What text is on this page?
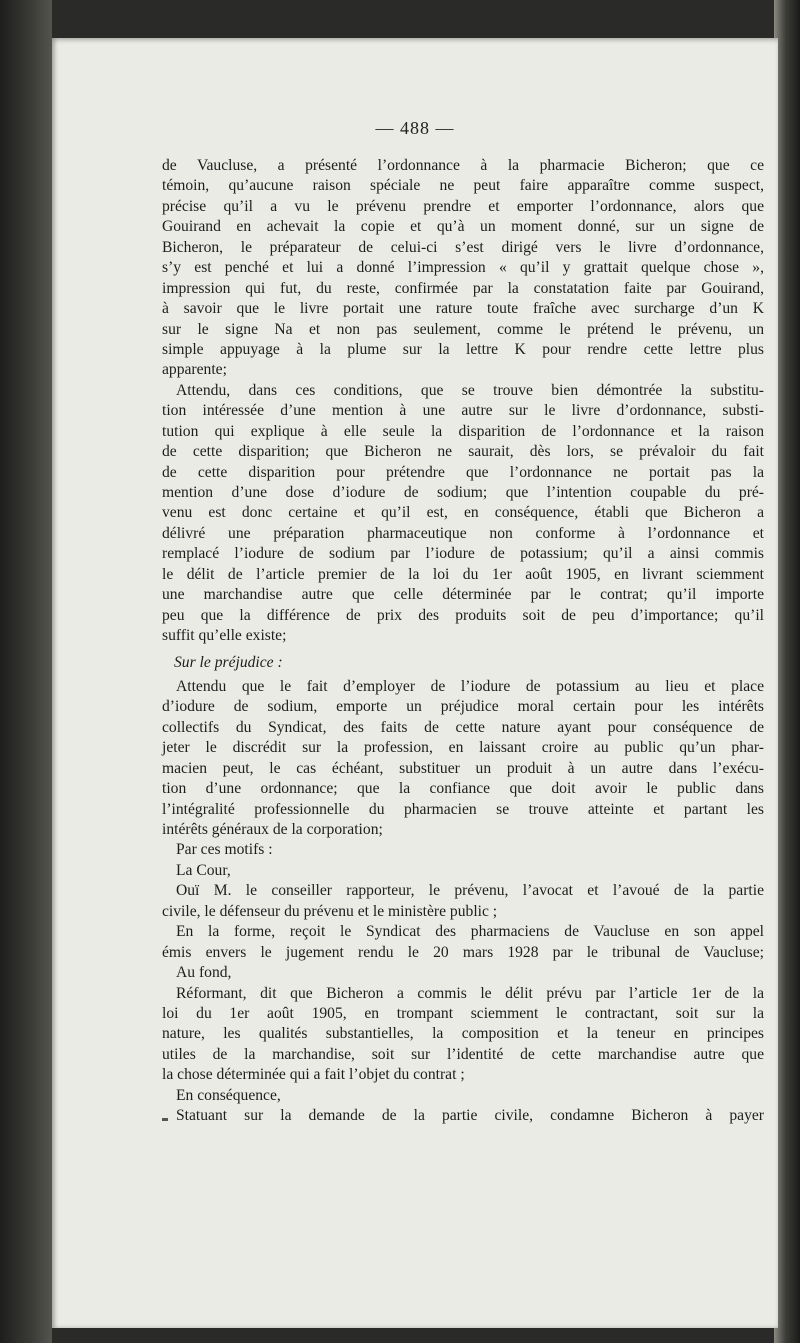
— 488 —
de Vaucluse, a présenté l’ordonnance à la pharmacie Bicheron; que ce
témoin, qu’aucune raison spéciale ne peut faire apparaître comme suspect,
précise qu’il a vu le prévenu prendre et emporter l’ordonnance, alors que
Gouirand en achevait la copie et qu’à un moment donné, sur un signe de
Bicheron, le préparateur de celui-ci s’est dirigé vers le livre d’ordonnance,
s’y est penché et lui a donné l’impression « qu’il y grattait quelque chose »,
impression qui fut, du reste, confirmée par la constatation faite par Gouirand,
à savoir que le livre portait une rature toute fraîche avec surcharge d’un K
sur le signe Na et non pas seulement, comme le prétend le prévenu, un
simple appuyage à la plume sur la lettre K pour rendre cette lettre plus
apparente;
Attendu, dans ces conditions, que se trouve bien démontrée la substitu-
tion intéressée d’une mention à une autre sur le livre d’ordonnance, substi-
tution qui explique à elle seule la disparition de l’ordonnance et la raison
de cette disparition; que Bicheron ne saurait, dès lors, se prévaloir du fait
de cette disparition pour prétendre que l’ordonnance ne portait pas la
mention d’une dose d’iodure de sodium; que l’intention coupable du pré-
venu est donc certaine et qu’il est, en conséquence, établi que Bicheron a
délivré une préparation pharmaceutique non conforme à l’ordonnance et
remplacé l’iodure de sodium par l’iodure de potassium; qu’il a ainsi commis
le délit de l’article premier de la loi du 1er août 1905, en livrant sciemment
une marchandise autre que celle déterminée par le contrat; qu’il importe
peu que la différence de prix des produits soit de peu d’importance; qu’il
suffit qu’elle existe;
Sur le préjudice :
Attendu que le fait d’employer de l’iodure de potassium au lieu et place
d’iodure de sodium, emporte un préjudice moral certain pour les intérêts
collectifs du Syndicat, des faits de cette nature ayant pour conséquence de
jeter le discrédit sur la profession, en laissant croire au public qu’un phar-
macien peut, le cas échéant, substituer un produit à un autre dans l’exécu-
tion d’une ordonnance; que la confiance que doit avoir le public dans
l’intégralité professionnelle du pharmacien se trouve atteinte et partant les
intérêts généraux de la corporation;
Par ces motifs :
La Cour,
Ouï M. le conseiller rapporteur, le prévenu, l’avocat et l’avoué de la partie
civile, le défenseur du prévenu et le ministère public ;
En la forme, reçoit le Syndicat des pharmaciens de Vaucluse en son appel
émis envers le jugement rendu le 20 mars 1928 par le tribunal de Vaucluse;
Au fond,
Réformant, dit que Bicheron a commis le délit prévu par l’article 1er de la
loi du 1er août 1905, en trompant sciemment le contractant, soit sur la
nature, les qualités substantielles, la composition et la teneur en principes
utiles de la marchandise, soit sur l’identité de cette marchandise autre que
la chose déterminée qui a fait l’objet du contrat ;
En conséquence,
Statuant sur la demande de la partie civile, condamne Bicheron à payer
